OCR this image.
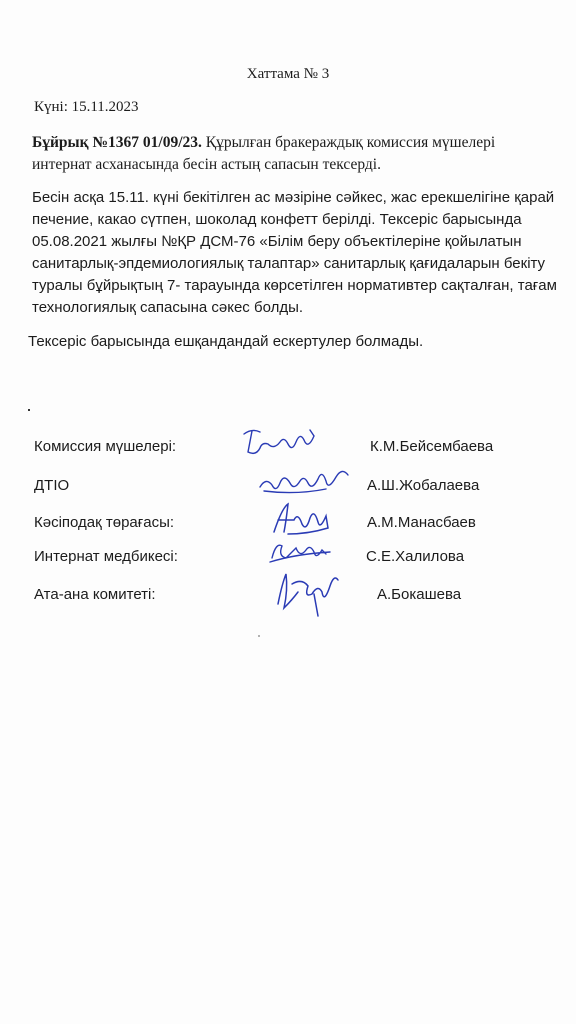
Хаттама № 3
Күні: 15.11.2023
Бұйрық №1367 01/09/23. Құрылған бракераждық комиссия мүшелері
интернат асханасында бесін астың сапасын тексерді.
Бесін асқа 15.11. күні бекітілген ас мәзіріне сәйкес, жас ерекшелігіне қарай
печение, какао сүтпен, шоколад конфетт берілді. Тексеріс барысында
05.08.2021 жылғы №ҚР ДСМ-76 «Білім беру объектілеріне қойылатын
санитарлық-эпдемиологиялық талаптар» санитарлық қағидаларын бекіту
туралы бұйрықтың 7- тарауында көрсетілген нормативтер сақталған, тағам
технологиялық сапасына сәкес болды.
Тексеріс барысында ешқандандай ескертулер болмады.
Комиссия мүшелері:	К.М.Бейсембаева
ДТІО	А.Ш.Жобалаева
Кәсіподақ төрағасы:	А.М.Манасбаев
Интернат медбикесі:	С.Е.Халилова
Ата-ана комитеті:	А.Бокашева
